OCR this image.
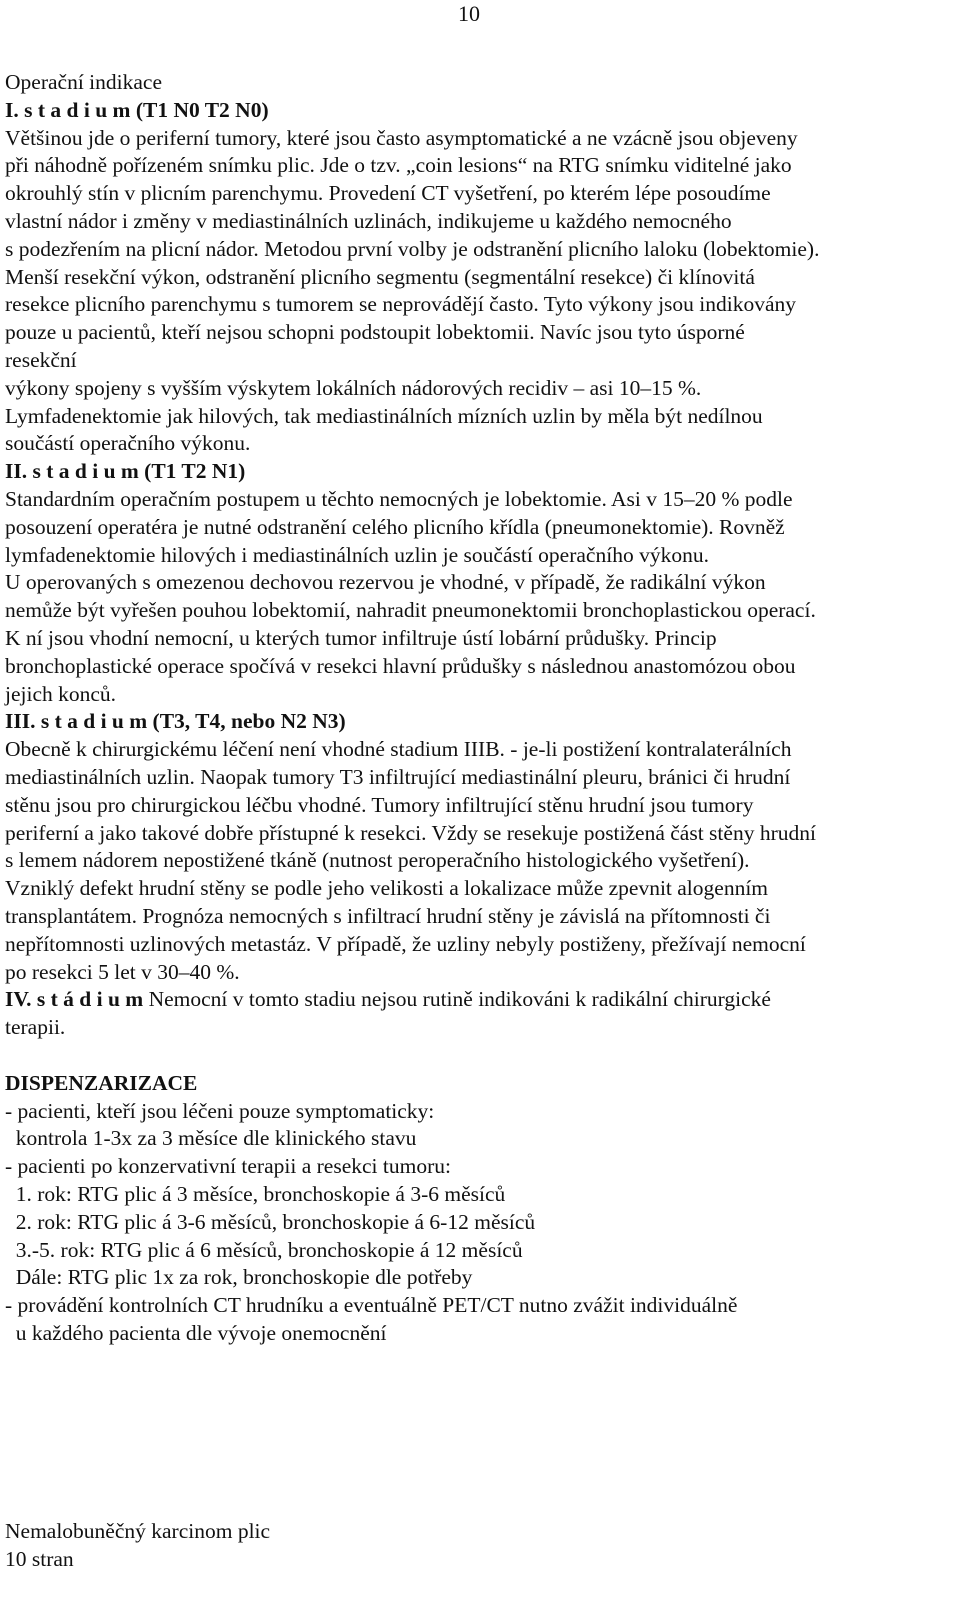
10

Operační indikace

I. s t a d i u m (T1 N0 T2 N0)

Většinou jde o periferní tumory, které jsou často asymptomatické a ne vzácně jsou objeveny

při náhodně pořízeném snímku plic. Jde o tzv. „coin lesions“ na RTG snímku viditelné jako

okrouhlý stín v plicním parenchymu. Provedení CT vyšetření, po kterém lépe posoudíme

vlastní nádor i změny v mediastinálních uzlinách, indikujeme u každého nemocného

s podezřením na plicní nádor. Metodou první volby je odstranění plicního laloku (lobektomie).

Menší resekční výkon, odstranění plicního segmentu (segmentální resekce) či klínovitá

resekce plicního parenchymu s tumorem se neprovádějí často. Tyto výkony jsou indikovány

pouze u pacientů, kteří nejsou schopni podstoupit lobektomii. Navíc jsou tyto úsporné

resekční

výkony spojeny s vyšším výskytem lokálních nádorových recidiv – asi 10–15 %.

Lymfadenektomie jak hilových, tak mediastinálních mízních uzlin by měla být nedílnou

součástí operačního výkonu.

II. s t a d i u m (T1 T2 N1)

Standardním operačním postupem u těchto nemocných je lobektomie. Asi v 15–20 % podle

posouzení operatéra je nutné odstranění celého plicního křídla (pneumonektomie). Rovněž

lymfadenektomie hilových i mediastinálních uzlin je součástí operačního výkonu.

U operovaných s omezenou dechovou rezervou je vhodné, v případě, že radikální výkon

nemůže být vyřešen pouhou lobektomií, nahradit pneumonektomii bronchoplastickou operací.

K ní jsou vhodní nemocní, u kterých tumor infiltruje ústí lobární průdušky. Princip

bronchoplastické operace spočívá v resekci hlavní průdušky s následnou anastomózou obou

jejich konců.

III. s t a d i u m (T3, T4, nebo N2 N3)

Obecně k chirurgickému léčení není vhodné stadium IIIB. - je-li postižení kontralaterálních

mediastinálních uzlin. Naopak tumory T3 infiltrující mediastinální pleuru, bránici či hrudní

stěnu jsou pro chirurgickou léčbu vhodné. Tumory infiltrující stěnu hrudní jsou tumory

periferní a jako takové dobře přístupné k resekci. Vždy se resekuje postižená část stěny hrudní

s lemem nádorem nepostižené tkáně (nutnost peroperačního histologického vyšetření).

Vzniklý defekt hrudní stěny se podle jeho velikosti a lokalizace může zpevnit alogenním

transplantátem. Prognóza nemocných s infiltrací hrudní stěny je závislá na přítomnosti či

nepřítomnosti uzlinových metastáz. V případě, že uzliny nebyly postiženy, přežívají nemocní

po resekci 5 let v 30–40 %.

IV. s t á d i u m Nemocní v tomto stadiu nejsou rutině indikováni k radikální chirurgické

terapii.

DISPENZARIZACE

- pacienti, kteří jsou léčeni pouze symptomaticky:

kontrola 1-3x za 3 měsíce dle klinického stavu

- pacienti po konzervativní terapii a resekci tumoru:

1. rok: RTG plic á 3 měsíce, bronchoskopie á 3-6 měsíců

2. rok: RTG plic á 3-6 měsíců, bronchoskopie á 6-12 měsíců

3.-5. rok: RTG plic á 6 měsíců, bronchoskopie á 12 měsíců

Dále: RTG plic 1x za rok, bronchoskopie dle potřeby

- provádění kontrolních CT hrudníku a eventuálně PET/CT nutno zvážit individuálně

u každého pacienta dle vývoje onemocnění

Nemalobuněčný karcinom plic

10 stran
